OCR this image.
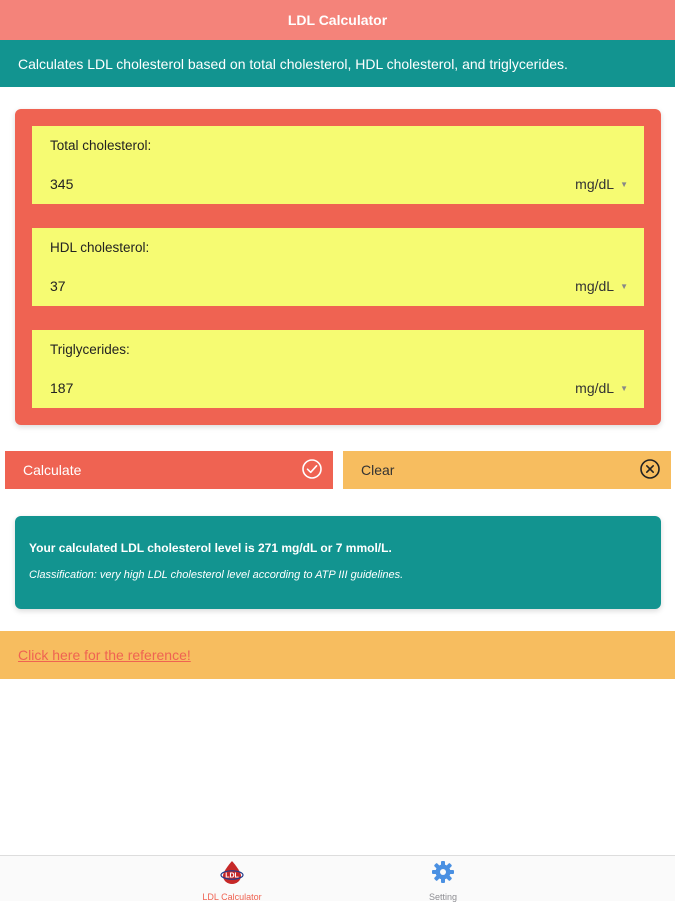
LDL Calculator
Calculates LDL cholesterol based on total cholesterol, HDL cholesterol, and triglycerides.
Total cholesterol:
345
mg/dL ▼
HDL cholesterol:
37
mg/dL ▼
Triglycerides:
187
mg/dL ▼
Calculate	Clear
Your calculated LDL cholesterol level is 271 mg/dL or 7 mmol/L.
Classification: very high LDL cholesterol level according to ATP III guidelines.
Click here for the reference!
LDL
LDL Calculator	Setting
